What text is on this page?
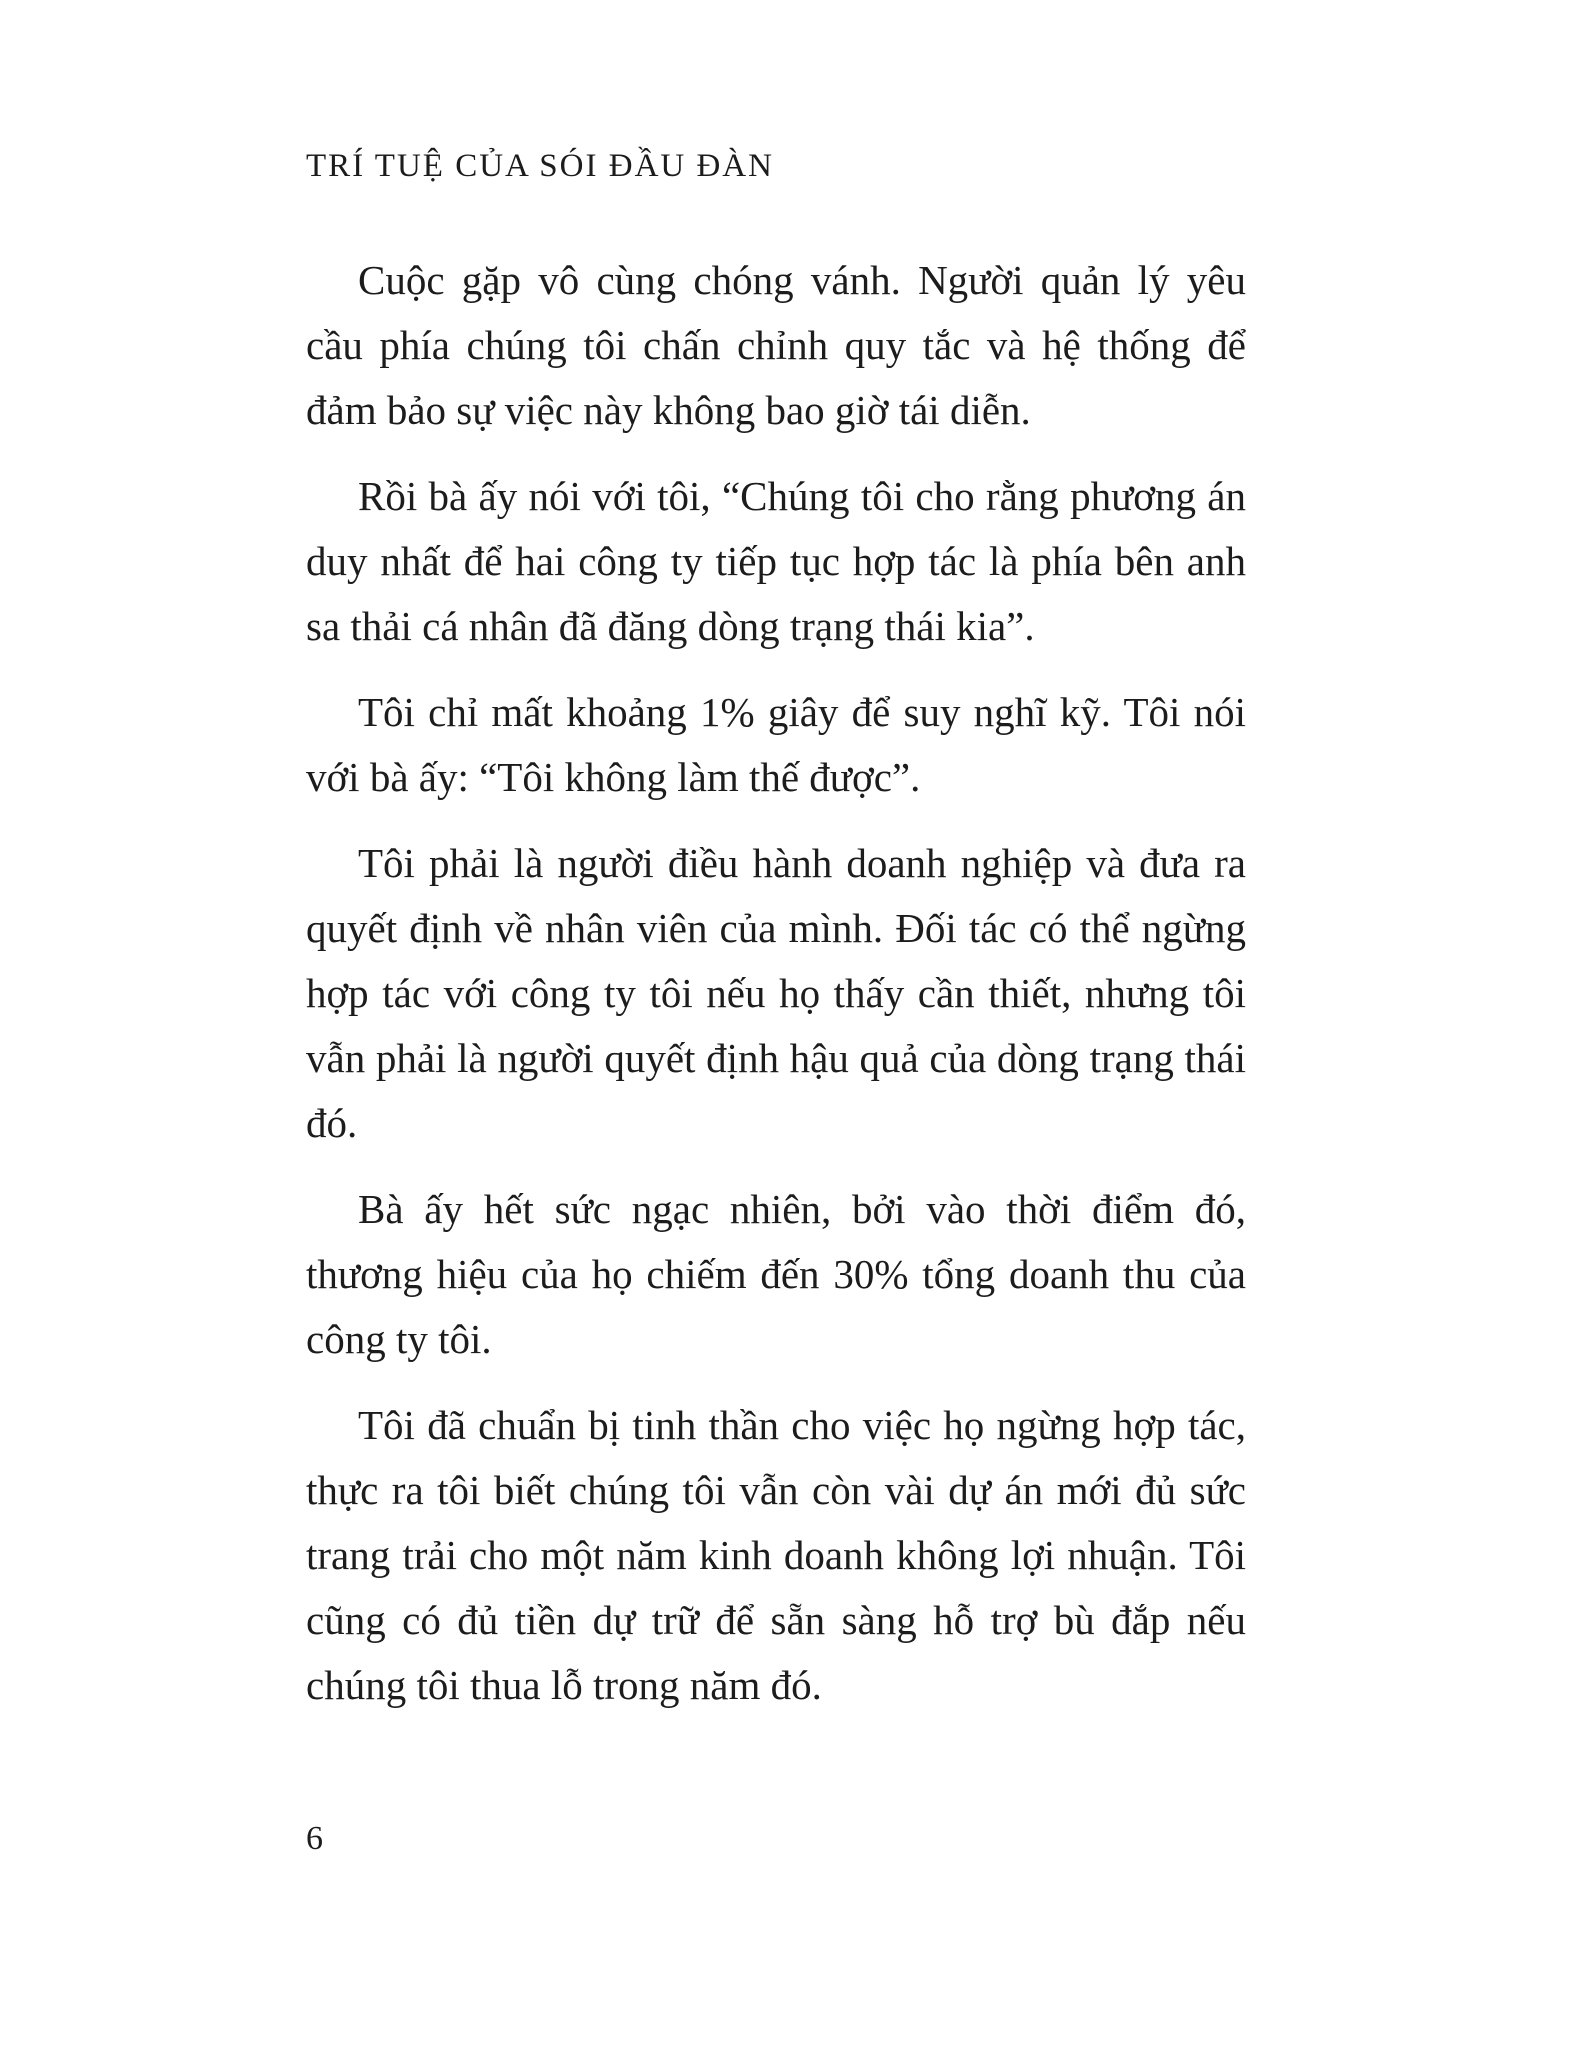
TRÍ TUỆ CỦA SÓI ĐẦU ĐÀN

Cuộc gặp vô cùng chóng vánh. Người quản lý yêu cầu phía chúng tôi chấn chỉnh quy tắc và hệ thống để đảm bảo sự việc này không bao giờ tái diễn.

Rồi bà ấy nói với tôi, “Chúng tôi cho rằng phương án duy nhất để hai công ty tiếp tục hợp tác là phía bên anh sa thải cá nhân đã đăng dòng trạng thái kia”.

Tôi chỉ mất khoảng 1% giây để suy nghĩ kỹ. Tôi nói với bà ấy: “Tôi không làm thế được”.

Tôi phải là người điều hành doanh nghiệp và đưa ra quyết định về nhân viên của mình. Đối tác có thể ngừng hợp tác với công ty tôi nếu họ thấy cần thiết, nhưng tôi vẫn phải là người quyết định hậu quả của dòng trạng thái đó.

Bà ấy hết sức ngạc nhiên, bởi vào thời điểm đó, thương hiệu của họ chiếm đến 30% tổng doanh thu của công ty tôi.

Tôi đã chuẩn bị tinh thần cho việc họ ngừng hợp tác, thực ra tôi biết chúng tôi vẫn còn vài dự án mới đủ sức trang trải cho một năm kinh doanh không lợi nhuận. Tôi cũng có đủ tiền dự trữ để sẵn sàng hỗ trợ bù đắp nếu chúng tôi thua lỗ trong năm đó.

6
